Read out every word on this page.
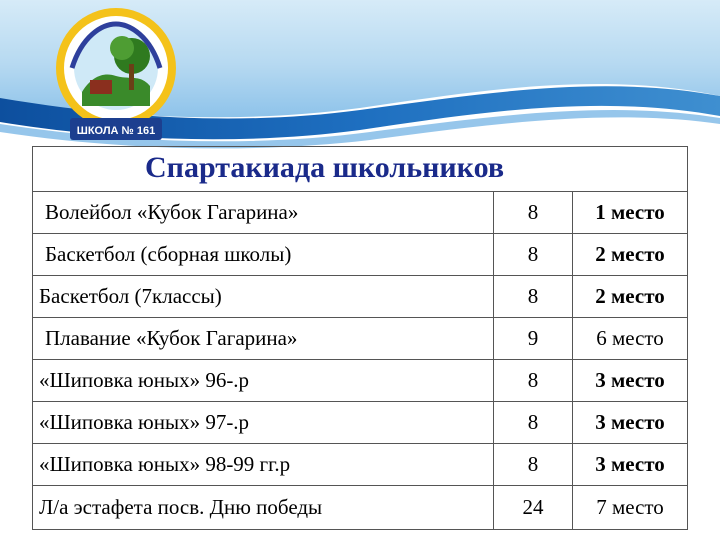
ШКОЛА № 161
Спартакиада школьников
Волейбол «Кубок Гагарина»	8	1 место
Баскетбол (сборная школы)	8	2 место
Баскетбол (7классы)	8	2 место
Плавание «Кубок Гагарина»	9	6 место
«Шиповка юных» 96-.р	8	3 место
«Шиповка юных» 97-.р	8	3 место
«Шиповка юных» 98-99 гг.р	8	3 место
Л/а эстафета посв. Дню победы	24	7 место
